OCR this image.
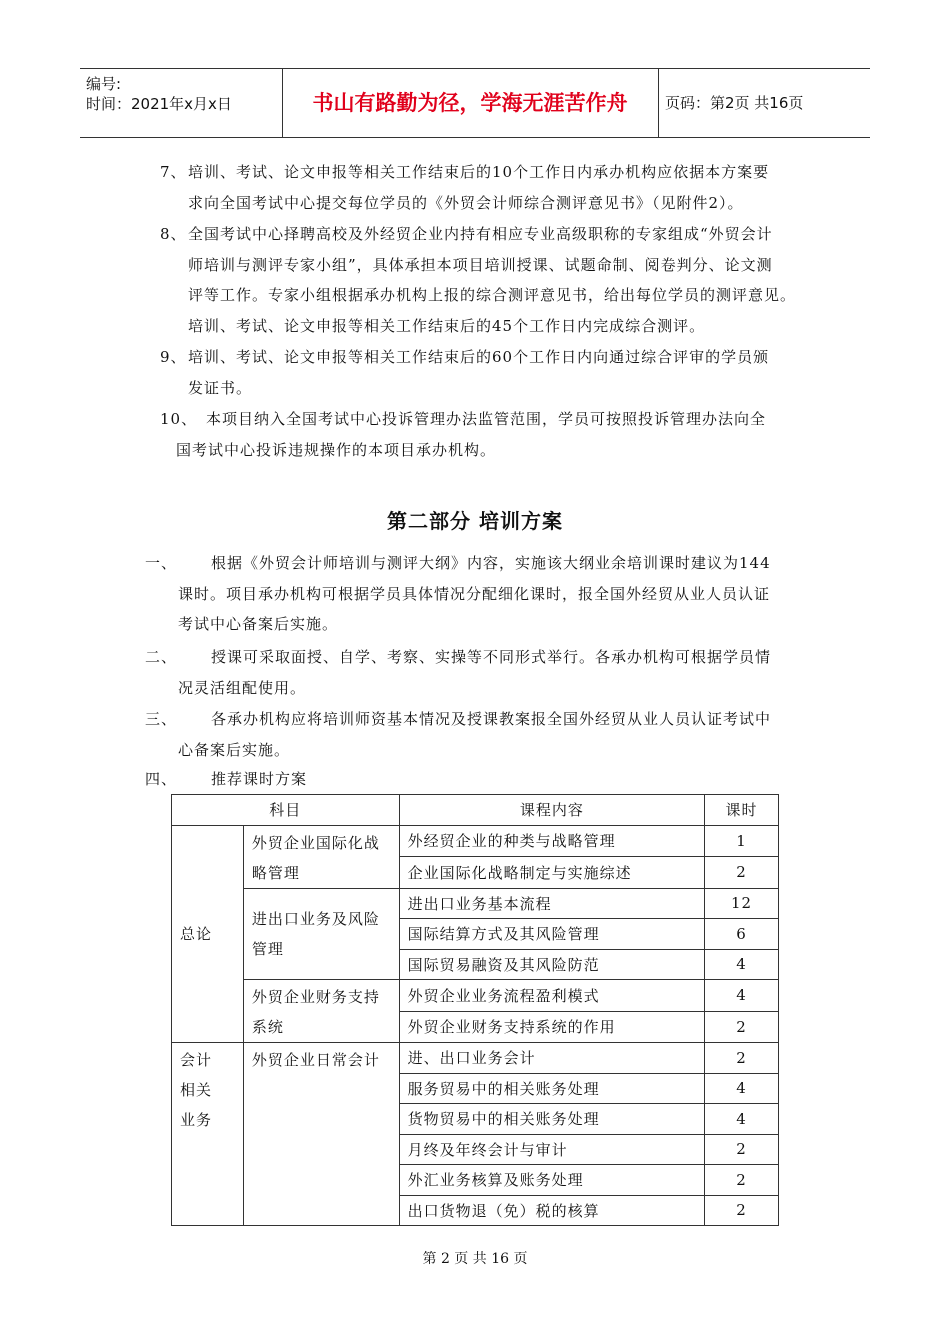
编号:
时间：2021年x月x日	书山有路勤为径，学海无涯苦作舟	页码：第2页 共16页
7、 培训、考试、论文申报等相关工作结束后的10个工作日内承办机构应依据本方案要
求向全国考试中心提交每位学员的《外贸会计师综合测评意见书》（见附件2）。
8、 全国考试中心择聘高校及外经贸企业内持有相应专业高级职称的专家组成“外贸会计
师培训与测评专家小组”，具体承担本项目培训授课、试题命制、阅卷判分、论文测
评等工作。专家小组根据承办机构上报的综合测评意见书，给出每位学员的测评意见。
培训、考试、论文申报等相关工作结束后的45个工作日内完成综合测评。
9、 培训、考试、论文申报等相关工作结束后的60个工作日内向通过综合评审的学员颁
发证书。
10、 本项目纳入全国考试中心投诉管理办法监管范围，学员可按照投诉管理办法向全
国考试中心投诉违规操作的本项目承办机构。
第二部分 培训方案
一、 根据《外贸会计师培训与测评大纲》内容，实施该大纲业余培训课时建议为144
课时。项目承办机构可根据学员具体情况分配细化课时，报全国外经贸从业人员认证
考试中心备案后实施。
二、 授课可采取面授、自学、考察、实操等不同形式举行。各承办机构可根据学员情
况灵活组配使用。
三、 各承办机构应将培训师资基本情况及授课教案报全国外经贸从业人员认证考试中
心备案后实施。
四、 推荐课时方案
科目		课程内容	课时
总论	外贸企业国际化战
略管理	外经贸企业的种类与战略管理	1
		企业国际化战略制定与实施综述	2

	进出口业务及风险
管理	进出口业务基本流程	12
		国际结算方式及其风险管理	6
		国际贸易融资及其风险防范	4

	外贸企业财务支持
系统	外贸企业业务流程盈利模式	4
		外贸企业财务支持系统的作用	2

会计
相关
业务	外贸企业日常会计	进、出口业务会计	2
		服务贸易中的相关账务处理	4
		货物贸易中的相关账务处理	4
		月终及年终会计与审计	2
		外汇业务核算及账务处理	2
		出口货物退（免）税的核算	2
第 2 页 共 16 页
